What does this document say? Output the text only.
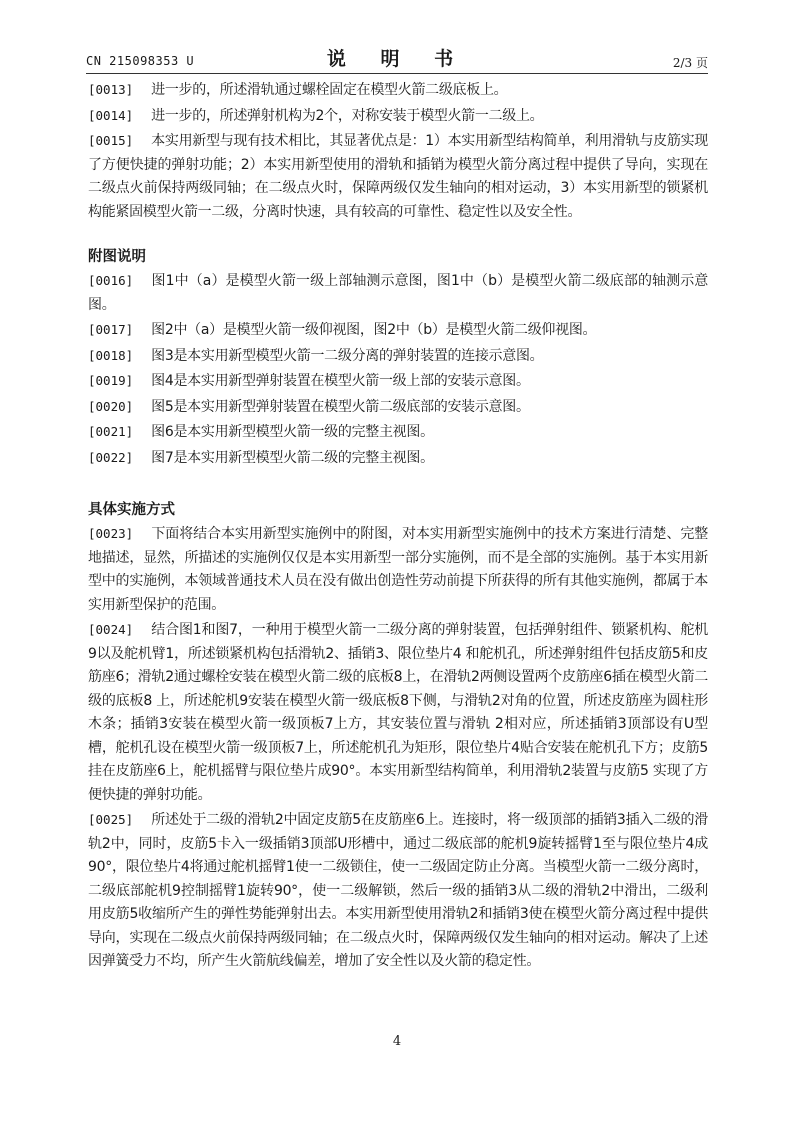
CN 215098353 U	说 明 书	2/3 页

[0013] 进一步的，所述滑轨通过螺栓固定在模型火箭二级底板上。

[0014] 进一步的，所述弹射机构为2个，对称安装于模型火箭一二级上。

[0015] 本实用新型与现有技术相比，其显著优点是：1）本实用新型结构简单，利用滑轨与皮筋实现了方便快捷的弹射功能；2）本实用新型使用的滑轨和插销为模型火箭分离过程中提供了导向，实现在二级点火前保持两级同轴；在二级点火时，保障两级仅发生轴向的相对运动，3）本实用新型的锁紧机构能紧固模型火箭一二级，分离时快速，具有较高的可靠性、稳定性以及安全性。

附图说明

[0016] 图1中（a）是模型火箭一级上部轴测示意图，图1中（b）是模型火箭二级底部的轴测示意图。

[0017] 图2中（a）是模型火箭一级仰视图，图2中（b）是模型火箭二级仰视图。

[0018] 图3是本实用新型模型火箭一二级分离的弹射装置的连接示意图。

[0019] 图4是本实用新型弹射装置在模型火箭一级上部的安装示意图。

[0020] 图5是本实用新型弹射装置在模型火箭二级底部的安装示意图。

[0021] 图6是本实用新型模型火箭一级的完整主视图。

[0022] 图7是本实用新型模型火箭二级的完整主视图。

具体实施方式

[0023] 下面将结合本实用新型实施例中的附图，对本实用新型实施例中的技术方案进行清楚、完整地描述，显然，所描述的实施例仅仅是本实用新型一部分实施例，而不是全部的实施例。基于本实用新型中的实施例，本领域普通技术人员在没有做出创造性劳动前提下所获得的所有其他实施例，都属于本实用新型保护的范围。

[0024] 结合图1和图7，一种用于模型火箭一二级分离的弹射装置，包括弹射组件、锁紧机构、舵机9以及舵机臂1，所述锁紧机构包括滑轨2、插销3、限位垫片4 和舵机孔，所述弹射组件包括皮筋5和皮筋座6；滑轨2通过螺栓安装在模型火箭二级的底板8上，在滑轨2两侧设置两个皮筋座6插在模型火箭二级的底板8 上，所述舵机9安装在模型火箭一级底板8下侧，与滑轨2对角的位置，所述皮筋座为圆柱形木条；插销3安装在模型火箭一级顶板7上方，其安装位置与滑轨 2相对应，所述插销3顶部设有U型槽，舵机孔设在模型火箭一级顶板7上，所述舵机孔为矩形，限位垫片4贴合安装在舵机孔下方；皮筋5挂在皮筋座6上，舵机摇臂与限位垫片成90°。本实用新型结构简单，利用滑轨2装置与皮筋5 实现了方便快捷的弹射功能。

[0025] 所述处于二级的滑轨2中固定皮筋5在皮筋座6上。连接时，将一级顶部的插销3插入二级的滑轨2中，同时，皮筋5卡入一级插销3顶部U形槽中，通过二级底部的舵机9旋转摇臂1至与限位垫片4成90°，限位垫片4将通过舵机摇臂1使一二级锁住，使一二级固定防止分离。当模型火箭一二级分离时，二级底部舵机9控制摇臂1旋转90°，使一二级解锁，然后一级的插销3从二级的滑轨2中滑出，二级利用皮筋5收缩所产生的弹性势能弹射出去。本实用新型使用滑轨2和插销3使在模型火箭分离过程中提供导向，实现在二级点火前保持两级同轴；在二级点火时，保障两级仅发生轴向的相对运动。解决了上述因弹簧受力不均，所产生火箭航线偏差，增加了安全性以及火箭的稳定性。

4
